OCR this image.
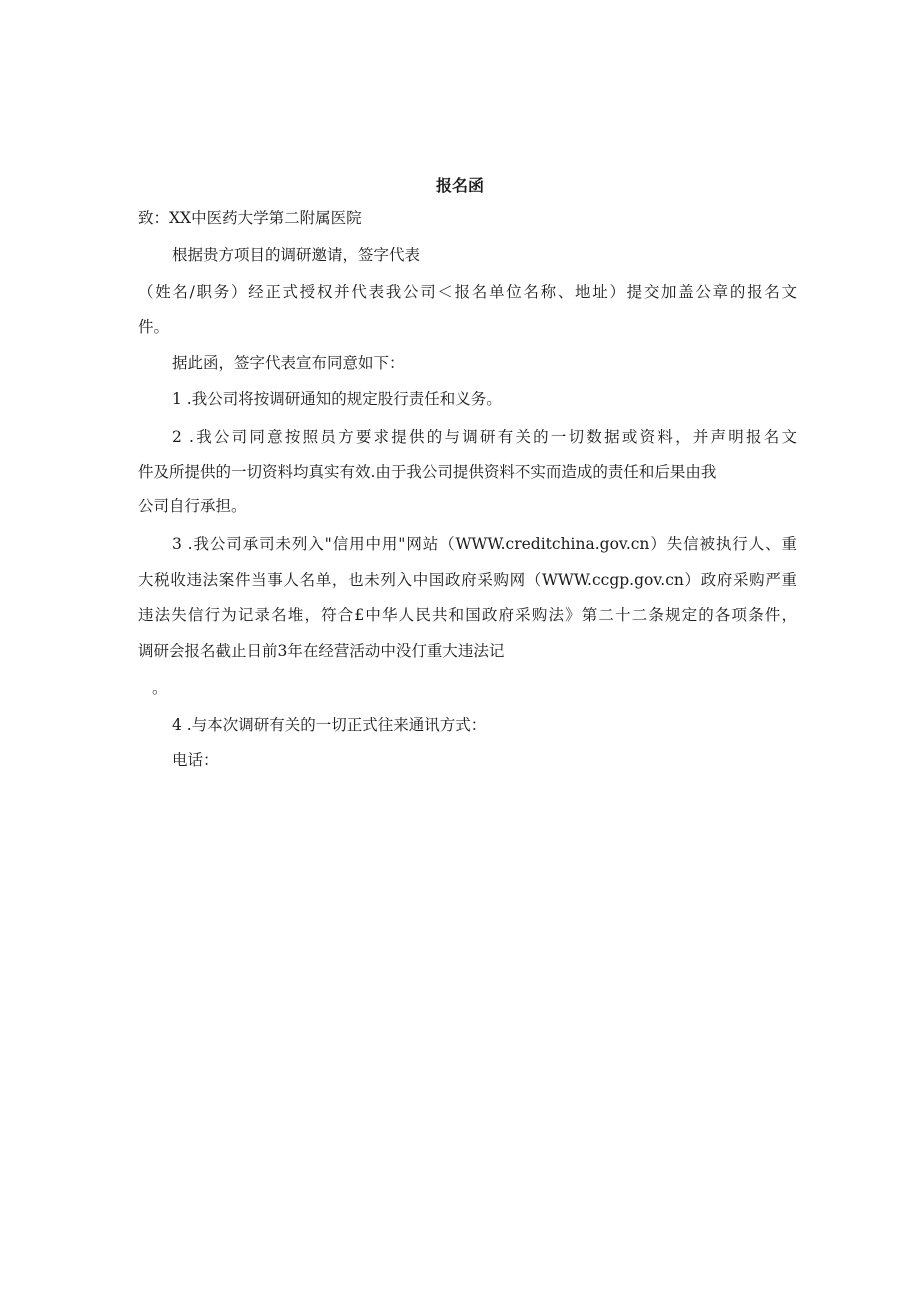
报名函
致：XX中医药大学第二附属医院
根据贵方项目的调研邀请，签字代表
（姓名/职务）经正式授权并代表我公司＜报名单位名称、地址）提交加盖公章的报名文
件。
据此函，签字代表宣布同意如下：
1 .我公司将按调研通知的规定股行责任和义务。
2 .我公司同意按照员方要求提供的与调研有关的一切数据或资料，并声明报名文
件及所提供的一切资料均真实有效.由于我公司提供资料不实而造成的责任和后果由我
公司自行承担。
3 .我公司承司未列入"信用中用"网站（WWW.creditchina.gov.cn）失信被执行人、重
大税收违法案件当事人名单，也未列入中国政府采购网（WWW.ccgp.gov.cn）政府采购严重
违法失信行为记录名堆，符合£中华人民共和国政府采购法》第二十二条规定的各项条件，
调研会报名截止日前3年在经营活动中没仃重大违法记
。
4 .与本次调研有关的一切正式往来通讯方式：
电话：
